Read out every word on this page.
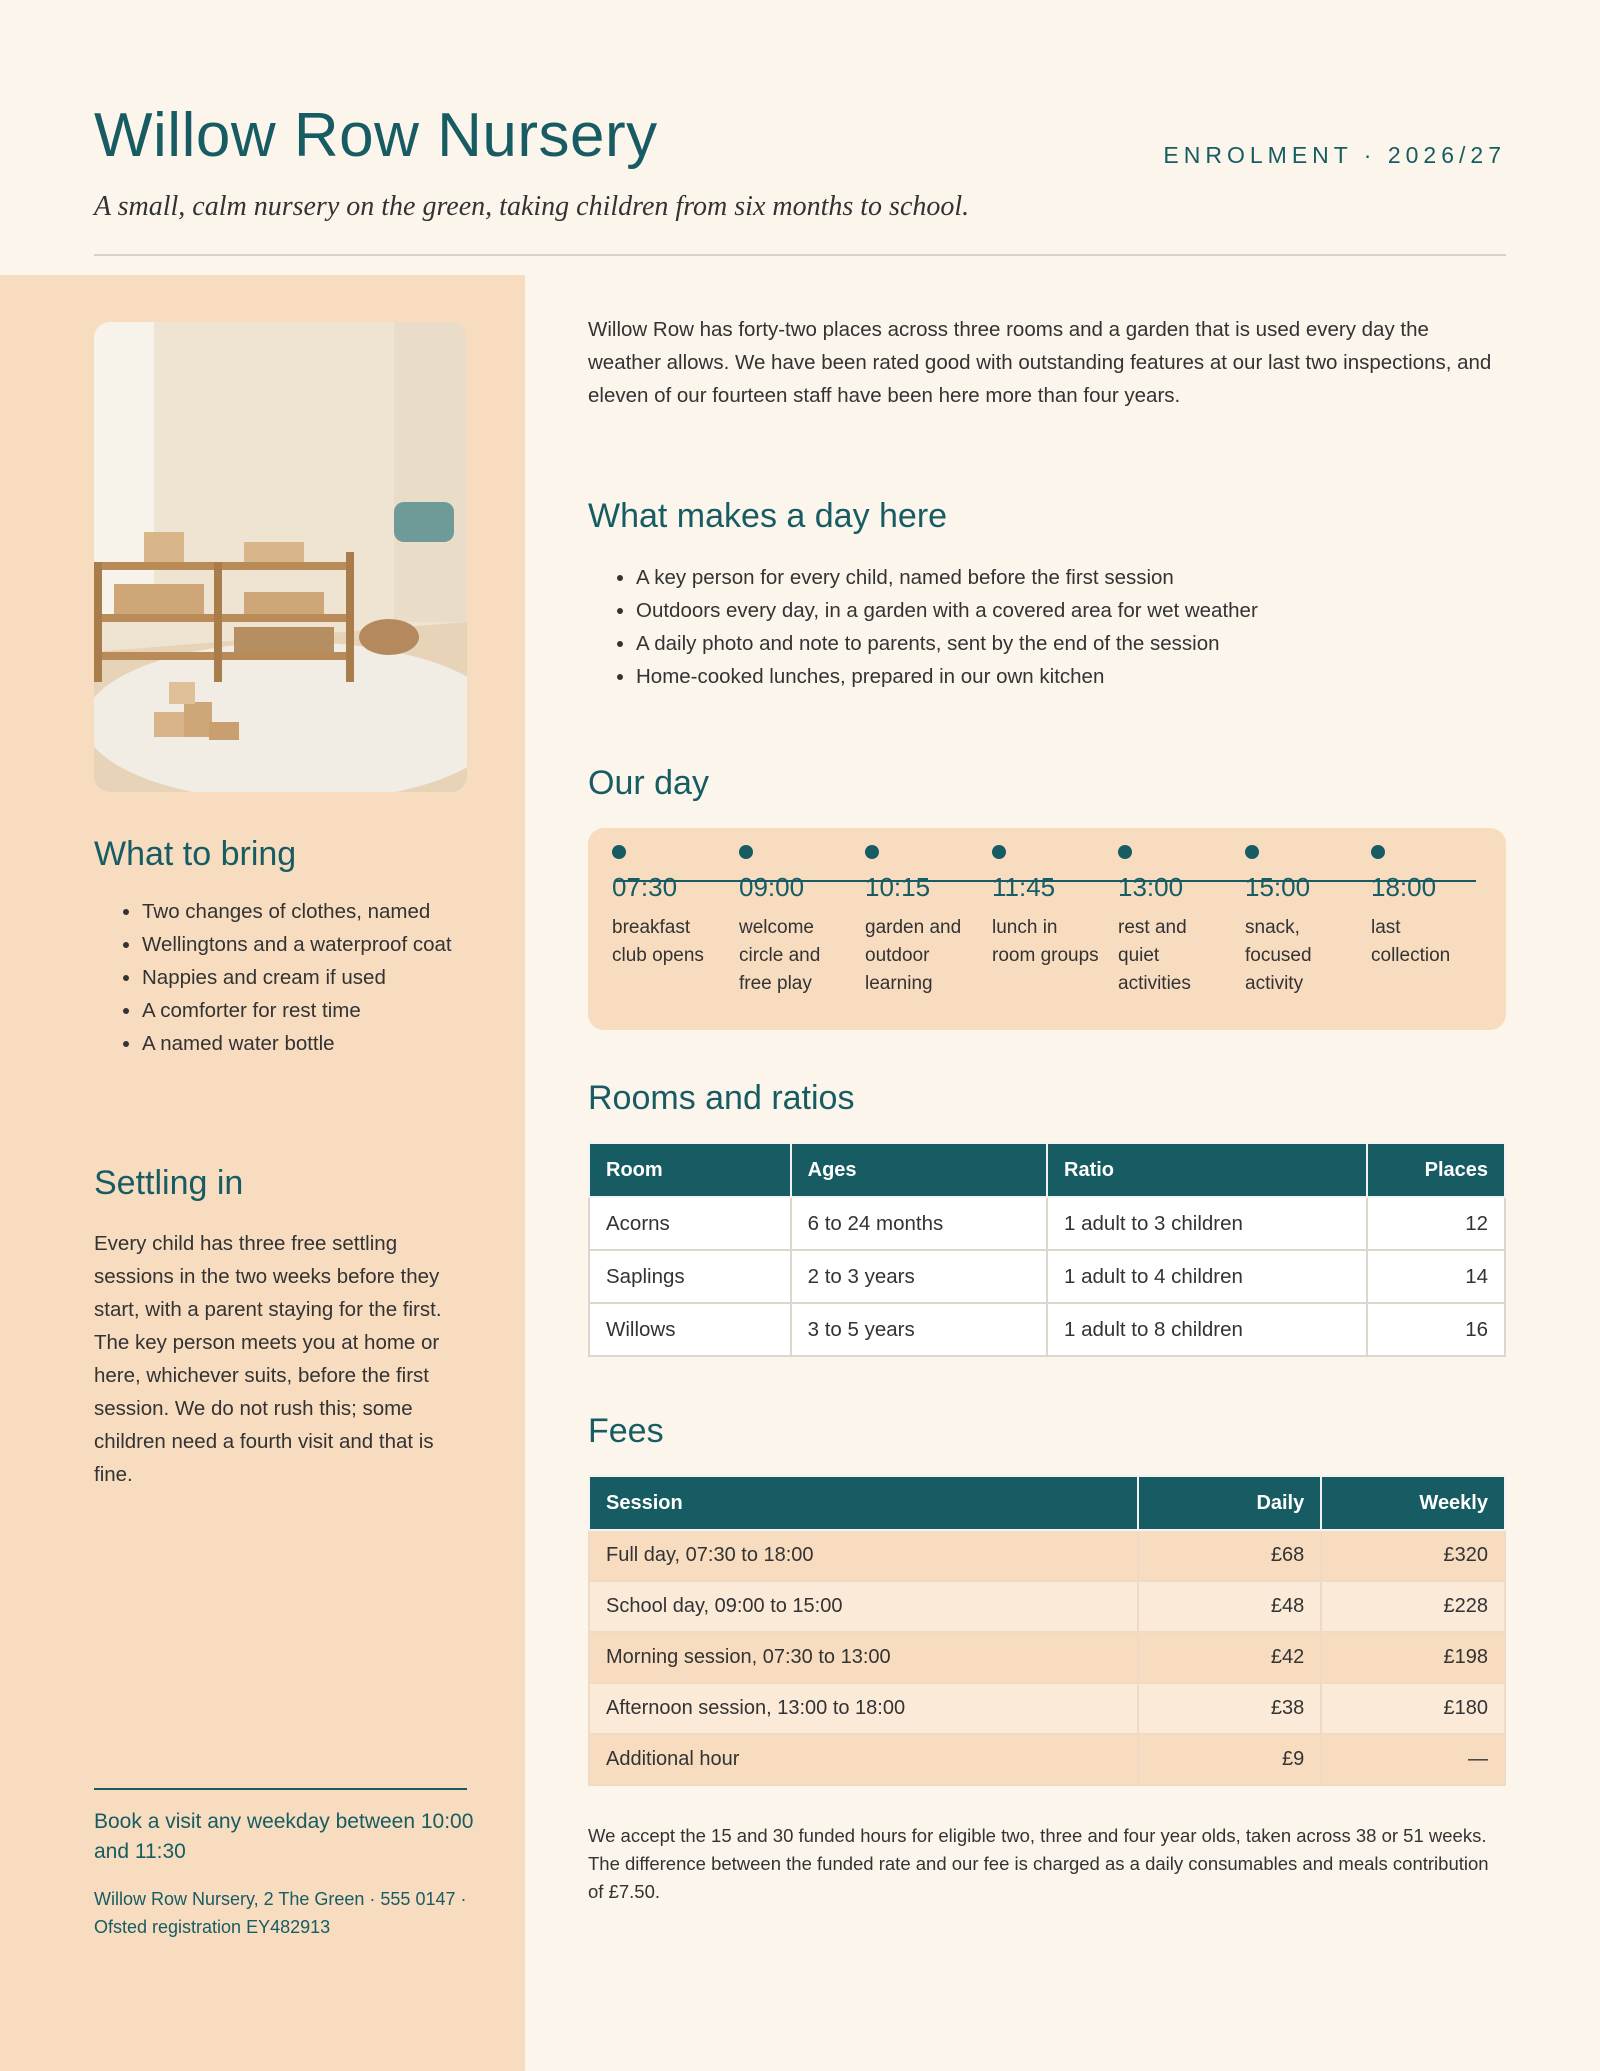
Willow Row Nursery
A small, calm nursery on the green, taking children from six months to school.
ENROLMENT · 2026/27
What to bring
• Two changes of clothes, named
• Wellingtons and a waterproof coat
• Nappies and cream if used
• A comforter for rest time
• A named water bottle
Settling in

Every child has three free settling sessions in the two weeks before they start, with a parent staying for the first. The key person meets you at home or here, whichever suits, before the first session. We do not rush this; some children need a fourth visit and that is fine.

Book a visit any weekday between 10:00 and 11:30
Willow Row Nursery, 2 The Green · 555 0147 · Ofsted registration EY482913

Willow Row has forty-two places across three rooms and a garden that is used every day the weather allows. We have been rated good with outstanding features at our last two inspections, and eleven of our fourteen staff have been here more than four years.

What makes a day here
• A key person for every child, named before the first session
• Outdoors every day, in a garden with a covered area for wet weather
• A daily photo and note to parents, sent by the end of the session
• Home-cooked lunches, prepared in our own kitchen
Our day
07:30
breakfast club opens
09:00
welcome circle and free play
10:15
garden and outdoor learning
11:45
lunch in room groups
13:00
rest and quiet activities
15:00
snack, focused activity
18:00
last collection
Rooms and ratios
Room	Ages	Ratio	Places
Acorns	6 to 24 months	1 adult to 3 children	12
Saplings	2 to 3 years	1 adult to 4 children	14
Willows	3 to 5 years	1 adult to 8 children	16
Fees
Session	Daily	Weekly
Full day, 07:30 to 18:00	£68	£320
School day, 09:00 to 15:00	£48	£228
Morning session, 07:30 to 13:00	£42	£198
Afternoon session, 13:00 to 18:00	£38	£180
Additional hour	£9	—

We accept the 15 and 30 funded hours for eligible two, three and four year olds, taken across 38 or 51 weeks. The difference between the funded rate and our fee is charged as a daily consumables and meals contribution of £7.50.
